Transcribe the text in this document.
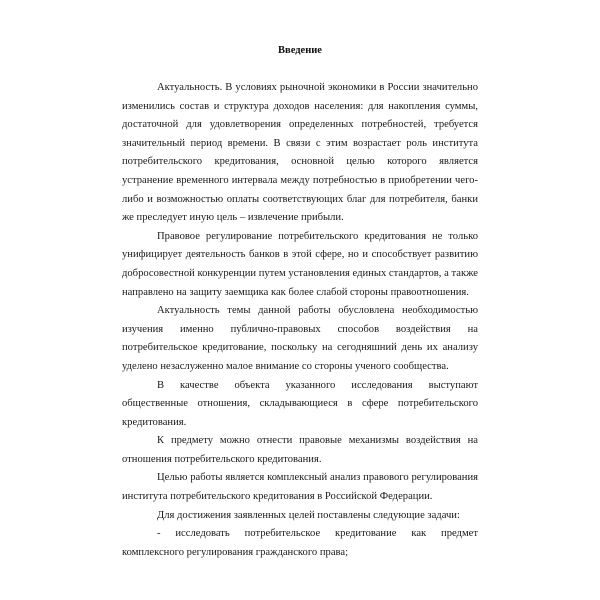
Введение

Актуальность. В условиях рыночной экономики в России значительно изменились состав и структура доходов населения: для накопления суммы, достаточной для удовлетворения определенных потребностей, требуется значительный период времени. В связи с этим возрастает роль института потребительского кредитования, основной целью которого является устранение временного интервала между потребностью в приобретении чего-либо и возможностью оплаты соответствующих благ для потребителя, банки же преследует иную цель – извлечение прибыли.

Правовое регулирование потребительского кредитования не только унифицирует деятельность банков в этой сфере, но и способствует развитию добросовестной конкуренции путем установления единых стандартов, а также направлено на защиту заемщика как более слабой стороны правоотношения.

Актуальность темы данной работы обусловлена необходимостью изучения именно публично-правовых способов воздействия на потребительское кредитование, поскольку на сегодняшний день их анализу уделено незаслуженно малое внимание со стороны ученого сообщества.

В качестве объекта указанного исследования выступают общественные отношения, складывающиеся в сфере потребительского кредитования.

К предмету можно отнести правовые механизмы воздействия на отношения потребительского кредитования.

Целью работы является комплексный анализ правового регулирования института потребительского кредитования в Российской Федерации.

Для достижения заявленных целей поставлены следующие задачи:

- исследовать потребительское кредитование как предмет комплексного регулирования гражданского права;
